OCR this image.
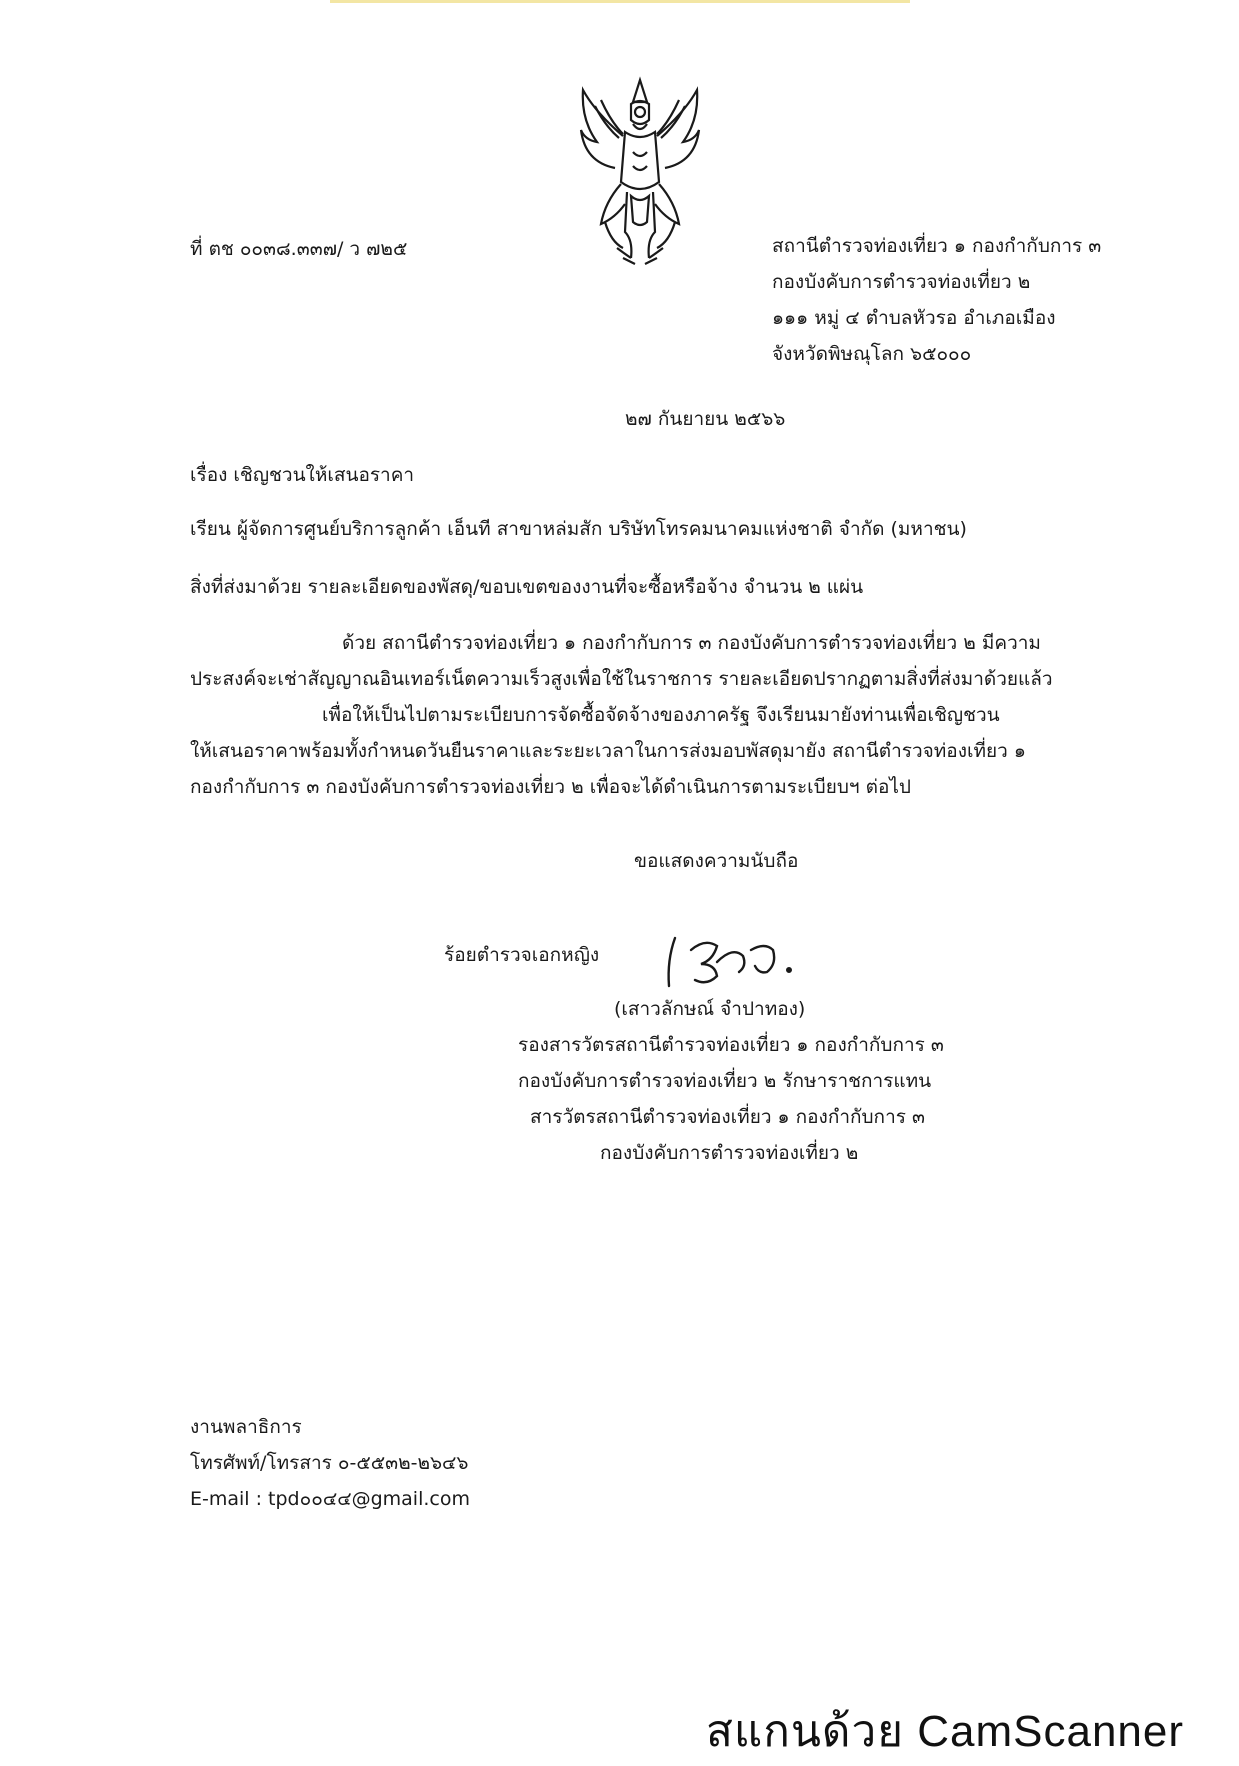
ที่ ตช ๐๐๓๘.๓๓๗/ ว ๗๒๕	สถานีตำรวจท่องเที่ยว ๑ กองกำกับการ ๓
กองบังคับการตำรวจท่องเที่ยว ๒
๑๑๑ หมู่ ๔ ตำบลหัวรอ อำเภอเมือง
จังหวัดพิษณุโลก ๖๕๐๐๐
๒๗ กันยายน ๒๕๖๖
เรื่อง เชิญชวนให้เสนอราคา
เรียน ผู้จัดการศูนย์บริการลูกค้า เอ็นที สาขาหล่มสัก บริษัทโทรคมนาคมแห่งชาติ จำกัด (มหาชน)
สิ่งที่ส่งมาด้วย รายละเอียดของพัสดุ/ขอบเขตของงานที่จะซื้อหรือจ้าง จำนวน ๒ แผ่น
ด้วย สถานีตำรวจท่องเที่ยว ๑ กองกำกับการ ๓ กองบังคับการตำรวจท่องเที่ยว ๒ มีความ
ประสงค์จะเช่าสัญญาณอินเทอร์เน็ตความเร็วสูงเพื่อใช้ในราชการ รายละเอียดปรากฏตามสิ่งที่ส่งมาด้วยแล้ว
เพื่อให้เป็นไปตามระเบียบการจัดซื้อจัดจ้างของภาครัฐ จึงเรียนมายังท่านเพื่อเชิญชวน
ให้เสนอราคาพร้อมทั้งกำหนดวันยืนราคาและระยะเวลาในการส่งมอบพัสดุมายัง สถานีตำรวจท่องเที่ยว ๑
กองกำกับการ ๓ กองบังคับการตำรวจท่องเที่ยว ๒ เพื่อจะได้ดำเนินการตามระเบียบฯ ต่อไป
ขอแสดงความนับถือ
ร้อยตำรวจเอกหญิง
(เสาวลักษณ์ จำปาทอง)
รองสารวัตรสถานีตำรวจท่องเที่ยว ๑ กองกำกับการ ๓
กองบังคับการตำรวจท่องเที่ยว ๒ รักษาราชการแทน
สารวัตรสถานีตำรวจท่องเที่ยว ๑ กองกำกับการ ๓
กองบังคับการตำรวจท่องเที่ยว ๒
งานพลาธิการ
โทรศัพท์/โทรสาร ๐-๕๕๓๒-๒๖๔๖
E-mail : tpd๐๐๔๔@gmail.com
สแกนด้วย CamScanner
